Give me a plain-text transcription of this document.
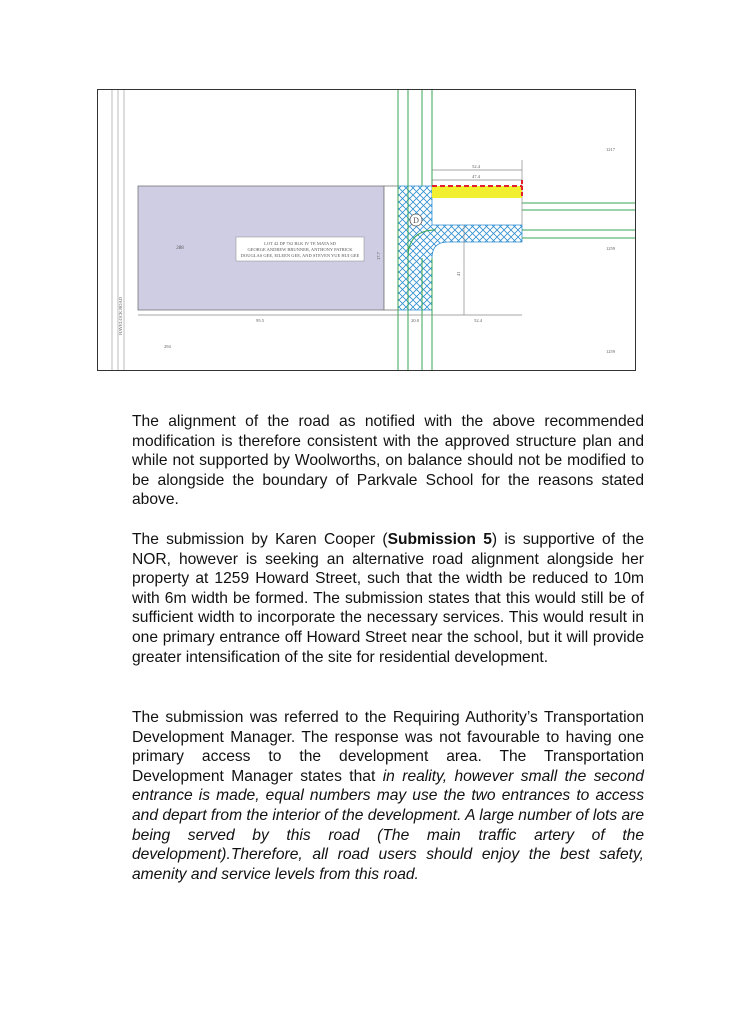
D
LOT 42 DP 7S2 BLK IV TE MATA SD
GEORGE ANDREW BRUNNER, ANTHONY PATRICK
DOUGLAS GEE, EILEEN GEE, AND STEVEN YUE HUI GEE
288
HAVELOCK ROAD	95.5	20.0	52.4
52.4
47.4
17.7
41
294
1217
1259
1259

The alignment of the road as notified with the above recommended modification is therefore consistent with the approved structure plan and while not supported by Woolworths, on balance should not be modified to be alongside the boundary of Parkvale School for the reasons stated above.

The submission by Karen Cooper (Submission 5) is supportive of the NOR, however is seeking an alternative road alignment alongside her property at 1259 Howard Street, such that the width be reduced to 10m with 6m width be formed. The submission states that this would still be of sufficient width to incorporate the necessary services. This would result in one primary entrance off Howard Street near the school, but it will provide greater intensification of the site for residential development.

The submission was referred to the Requiring Authority’s Transportation Development Manager. The response was not favourable to having one primary access to the development area. The Transportation Development Manager states that in reality, however small the second entrance is made, equal numbers may use the two entrances to access and depart from the interior of the development. A large number of lots are being served by this road (The main traffic artery of the development).Therefore, all road users should enjoy the best safety, amenity and service levels from this road.
